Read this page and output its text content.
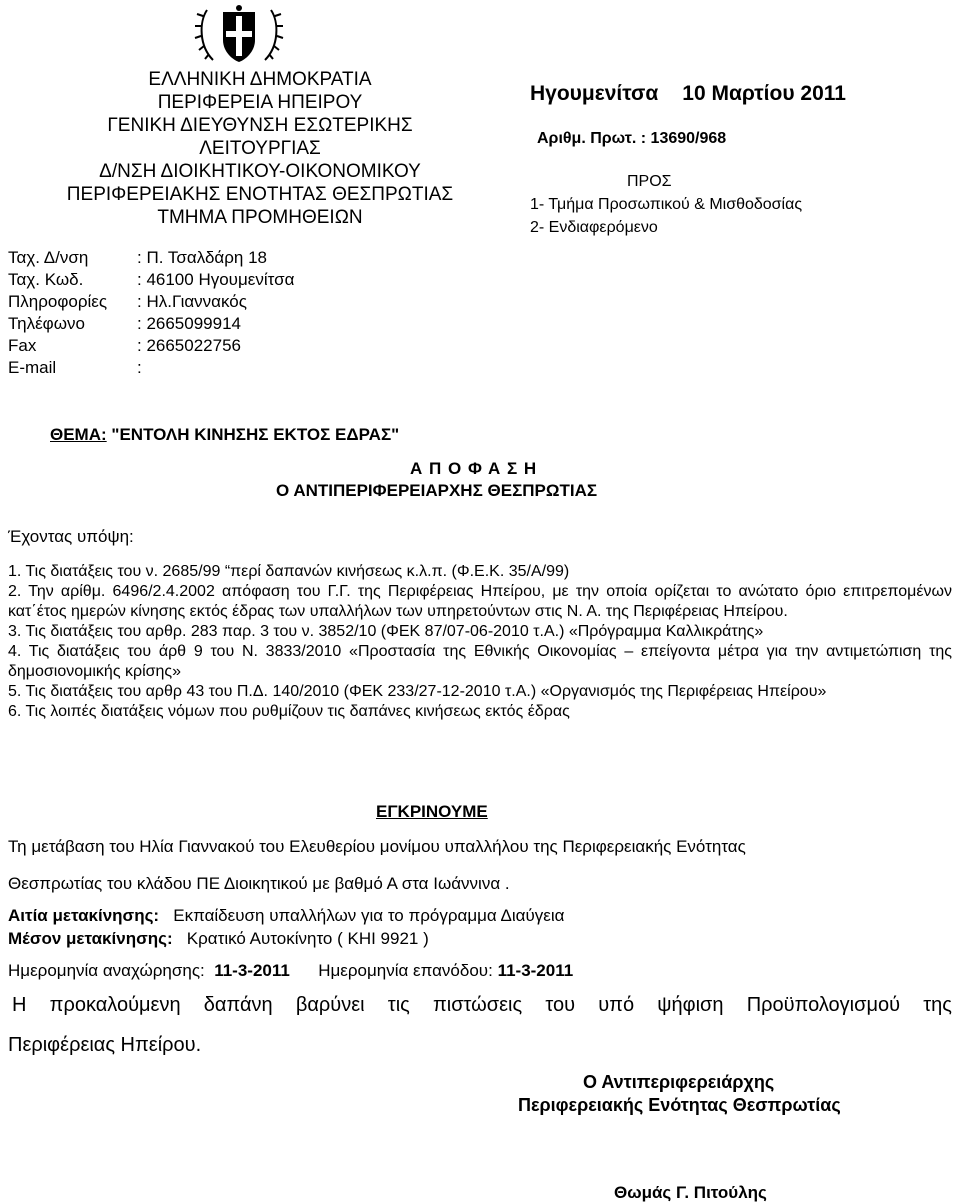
ΕΛΛΗΝΙΚΗ ΔΗΜΟΚΡΑΤΙΑ
ΠΕΡΙΦΕΡΕΙΑ ΗΠΕΙΡΟΥ
ΓΕΝΙΚΗ ΔΙΕΥΘΥΝΣΗ ΕΣΩΤΕΡΙΚΗΣ
ΛΕΙΤΟΥΡΓΙΑΣ
Δ/ΝΣΗ ΔΙΟΙΚΗΤΙΚΟΥ-ΟΙΚΟΝΟΜΙΚΟΥ
ΠΕΡΙΦΕΡΕΙΑΚΗΣ ΕΝΟΤΗΤΑΣ ΘΕΣΠΡΩΤΙΑΣ
ΤΜΗΜΑ ΠΡΟΜΗΘΕΙΩΝ
Ταχ. Δ/νση	: Π. Τσαλδάρη 18
Ταχ. Κωδ.	: 46100 Ηγουμενίτσα
Πληροφορίες : Ηλ.Γιαννακός
Τηλέφωνο	: 2665099914
Fax	: 2665022756
E-mail	:
Ηγουμενίτσα 10 Μαρτίου 2011
Αριθμ. Πρωτ. : 13690/968
ΠΡΟΣ
1- Τμήμα Προσωπικού & Μισθοδοσίας
2- Ενδιαφερόμενο
ΘΕΜΑ: "ΕΝΤΟΛΗ ΚΙΝΗΣΗΣ ΕΚΤΟΣ ΕΔΡΑΣ"
Α Π Ο Φ Α Σ Η
Ο ΑΝΤΙΠΕΡΙΦΕΡΕΙΑΡΧΗΣ ΘΕΣΠΡΩΤΙΑΣ
Έχοντας υπόψη:

1. Τις διατάξεις του ν. 2685/99 “περί δαπανών κινήσεως κ.λ.π. (Φ.Ε.Κ. 35/Α/99)

2. Την αρίθμ. 6496/2.4.2002 απόφαση του Γ.Γ. της Περιφέρειας Ηπείρου, με την οποία ορίζεται το ανώτατο όριο επιτρεπομένων κατ΄έτος ημερών κίνησης εκτός έδρας των υπαλλήλων των υπηρετούντων στις Ν. Α. της Περιφέρειας Ηπείρου.

3. Τις διατάξεις του αρθρ. 283 παρ. 3 του ν. 3852/10 (ΦΕΚ 87/07-06-2010 τ.Α.) «Πρόγραμμα Καλλικράτης»

4. Τις διατάξεις του άρθ 9 του Ν. 3833/2010 «Προστασία της Εθνικής Οικονομίας – επείγοντα μέτρα για την αντιμετώπιση της δημοσιονομικής κρίσης»

5. Τις διατάξεις του αρθρ 43 του Π.Δ. 140/2010 (ΦΕΚ 233/27-12-2010 τ.Α.) «Οργανισμός της Περιφέρειας Ηπείρου»

6. Τις λοιπές διατάξεις νόμων που ρυθμίζουν τις δαπάνες κινήσεως εκτός έδρας

ΕΓΚΡΙΝΟΥΜΕ
Τη μετάβαση του Ηλία Γιαννακού του Ελευθερίου μονίμου υπαλλήλου της Περιφερειακής Ενότητας
Θεσπρωτίας του κλάδου ΠΕ Διοικητικού με βαθμό Α στα Ιωάννινα .
Αιτία μετακίνησης: Εκπαίδευση υπαλλήλων για το πρόγραμμα Διαύγεια
Μέσον μετακίνησης: Κρατικό Αυτοκίνητο ( ΚΗΙ 9921 )
Ημερομηνία αναχώρησης: 11-3-2011 Ημερομηνία επανόδου: 11-3-2011
Η προκαλούμενη δαπάνη βαρύνει τις πιστώσεις του υπό ψήφιση Προϋπολογισμού της
Περιφέρειας Ηπείρου.
Ο Αντιπεριφερειάρχης
Περιφερειακής Ενότητας Θεσπρωτίας
Θωμάς Γ. Πιτούλης
